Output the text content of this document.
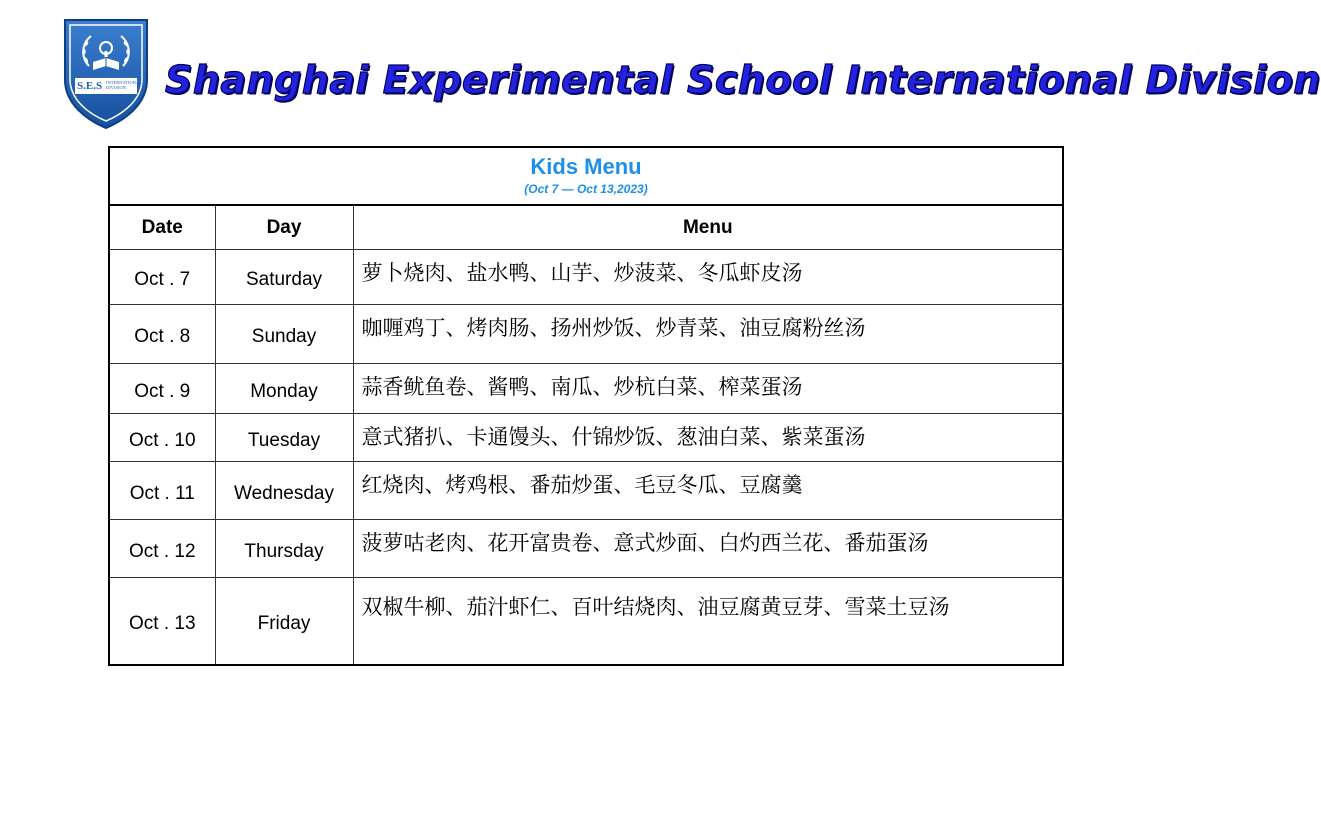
S.E.S INTERNATIONAL DIVISION Shanghai Experimental School International Division
Kids Menu
(Oct 7 — Oct 13,2023)		

Date	Day	Menu
Oct . 7	Saturday	萝卜烧肉、盐水鸭、山芋、炒菠菜、冬瓜虾皮汤
Oct . 8	Sunday	咖喱鸡丁、烤肉肠、扬州炒饭、炒青菜、油豆腐粉丝汤
Oct . 9	Monday	蒜香鱿鱼卷、酱鸭、南瓜、炒杭白菜、榨菜蛋汤
Oct . 10	Tuesday	意式猪扒、卡通馒头、什锦炒饭、葱油白菜、紫菜蛋汤
Oct . 11	Wednesday	红烧肉、烤鸡根、番茄炒蛋、毛豆冬瓜、豆腐羹
Oct . 12	Thursday	菠萝咕老肉、花开富贵卷、意式炒面、白灼西兰花、番茄蛋汤
Oct . 13	Friday	双椒牛柳、茄汁虾仁、百叶结烧肉、油豆腐黄豆芽、雪菜土豆汤
